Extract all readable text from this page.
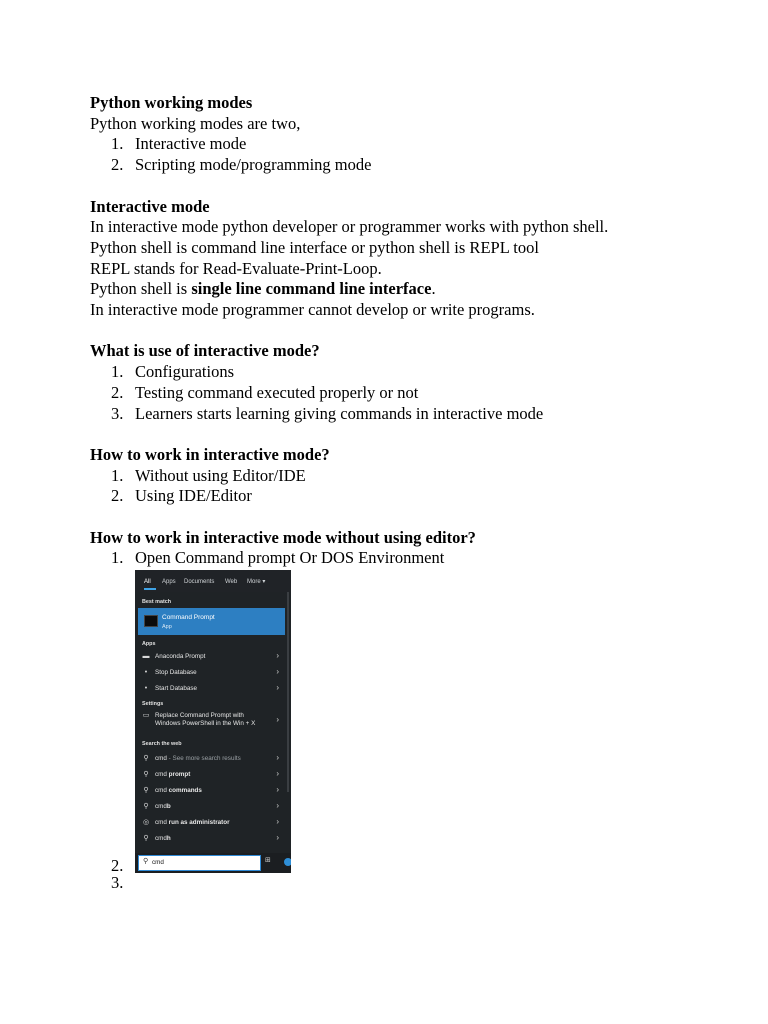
Python working modes

Python working modes are two,

1. Interactive mode
2. Scripting mode/programming mode

Interactive mode

In interactive mode python developer or programmer works with python shell.

Python shell is command line interface or python shell is REPL tool

REPL stands for Read-Evaluate-Print-Loop.

Python shell is single line command line interface.

In interactive mode programmer cannot develop or write programs.

What is use of interactive mode?

1. Configurations
2. Testing command executed properly or not
3. Learners starts learning giving commands in interactive mode

How to work in interactive mode?

1. Without using Editor/IDE
2. Using IDE/Editor

How to work in interactive mode without using editor?

1. Open Command prompt Or DOS Environment
2.
All Apps Documents Web More ▾
Best match
Command Prompt
App
Apps
▬ Anaconda Prompt	›
•	Stop Database	›
•	Start Database	›
Settings
▭ Replace Command Prompt with
Windows PowerShell in the Win + X	›
Search the web
⚲ cmd - See more search results	›
⚲ cmd prompt	›
⚲ cmd commands	›
⚲ cmdb	›
◎ cmd run as administrator	›
⚲ cmdh	›
⚲ cmd	⊞
3.
